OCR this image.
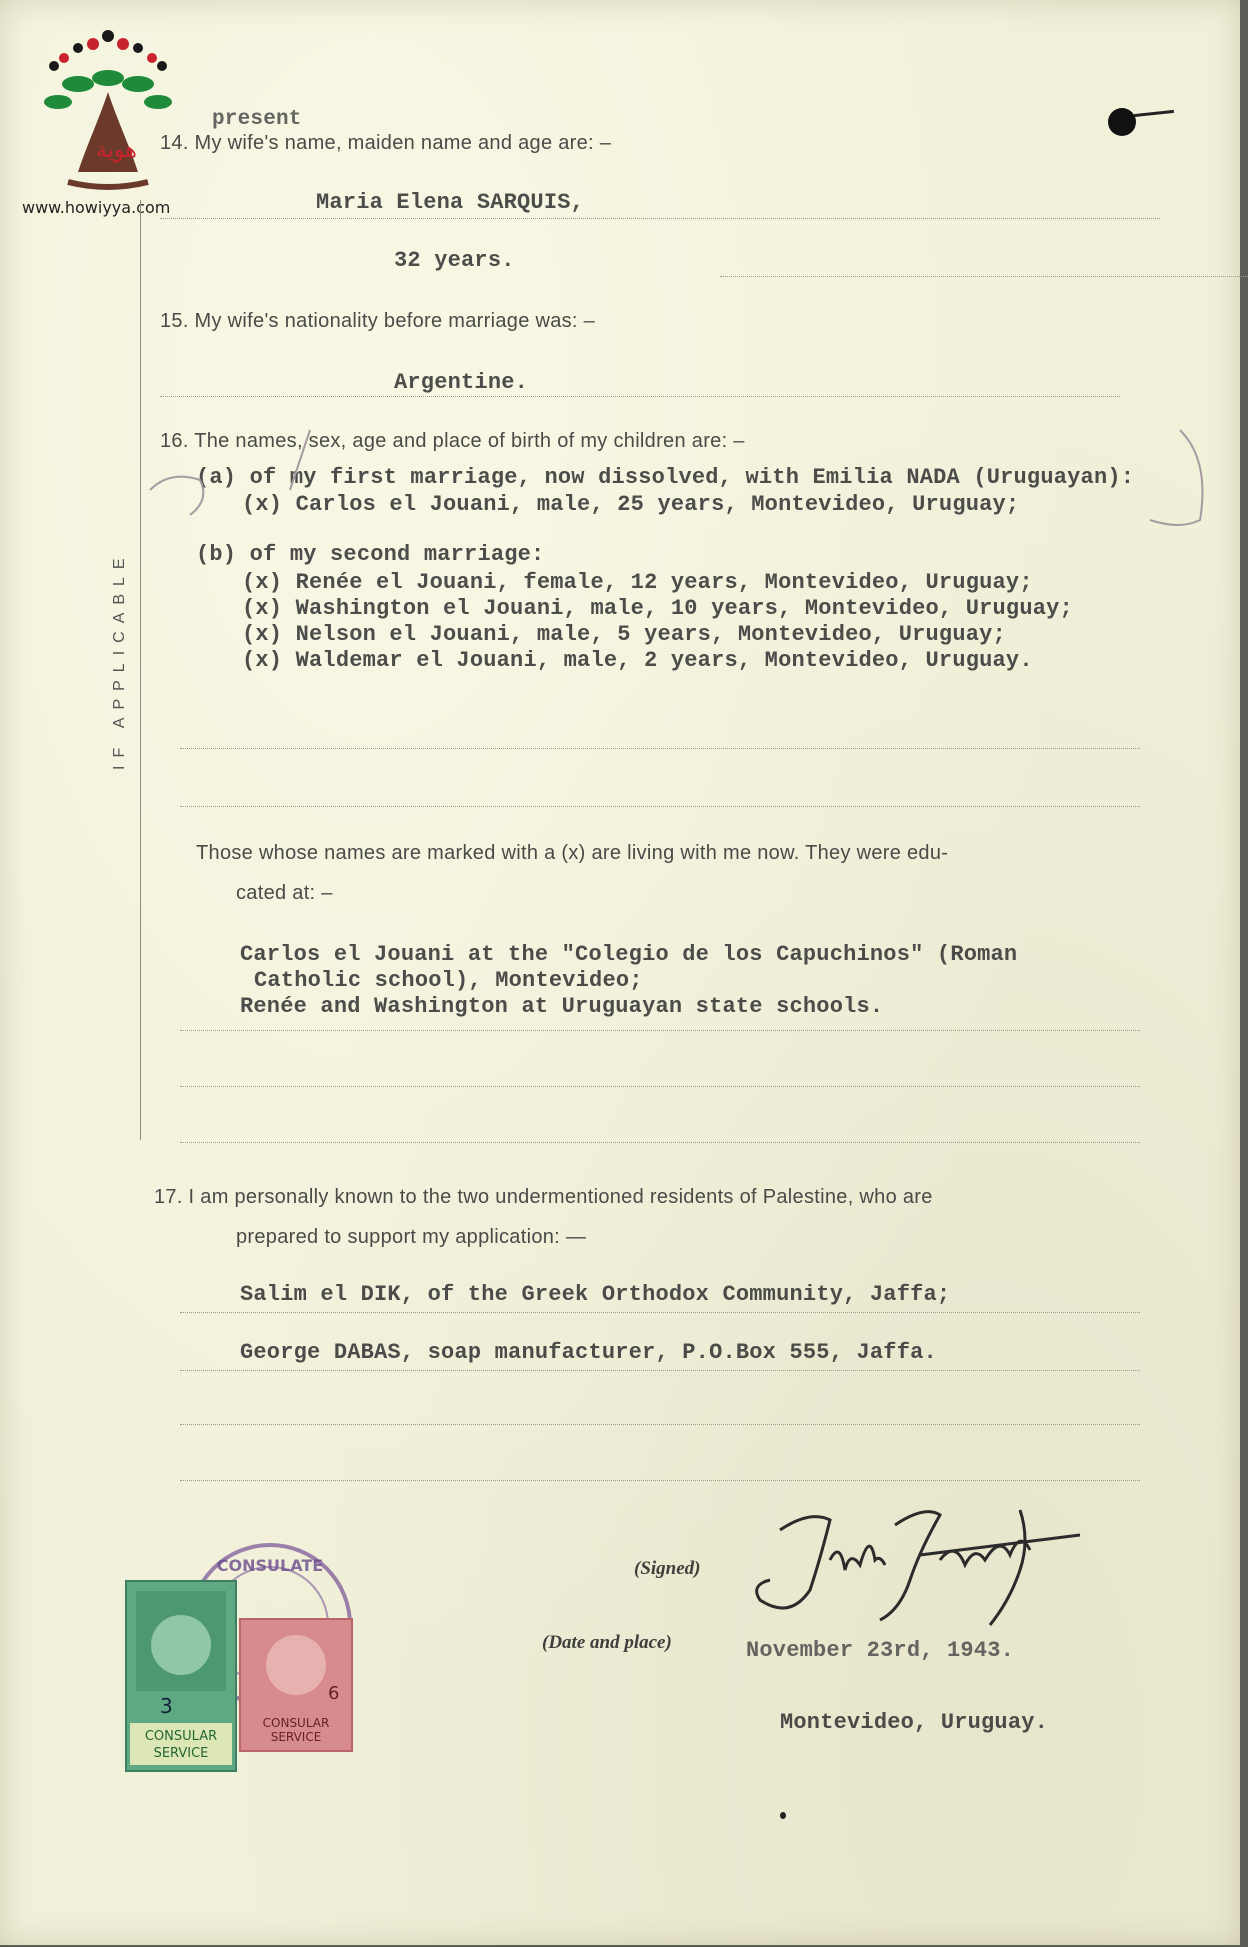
هوية
www.howiyya.com
IF APPLICABLE
present
14. My wife's name, maiden name and age are: –
Maria Elena SARQUIS,
32 years.
15. My wife's nationality before marriage was: –
Argentine.
16. The names, sex, age and place of birth of my children are: –
(a) of my first marriage, now dissolved, with Emilia NADA (Uruguayan):
(x) Carlos el Jouani, male, 25 years, Montevideo, Uruguay;
(b) of my second marriage:
(x) Renée el Jouani, female, 12 years, Montevideo, Uruguay;
(x) Washington el Jouani, male, 10 years, Montevideo, Uruguay;
(x) Nelson el Jouani, male, 5 years, Montevideo, Uruguay;
(x) Waldemar el Jouani, male, 2 years, Montevideo, Uruguay.
Those whose names are marked with a (x) are living with me now. They were edu-
cated at: –
Carlos el Jouani at the "Colegio de los Capuchinos" (Roman
Catholic school), Montevideo;
Renée and Washington at Uruguayan state schools.
17. I am personally known to the two undermentioned residents of Palestine, who are
prepared to support my application: —
Salim el DIK, of the Greek Orthodox Community, Jaffa;
George DABAS, soap manufacturer, P.O.Box 555, Jaffa.
(Signed)
(Date and place)	November 23rd, 1943.
Montevideo, Uruguay.
CONSULATE
3
CONSULAR
SERVICE
6
CONSULAR
SERVICE
